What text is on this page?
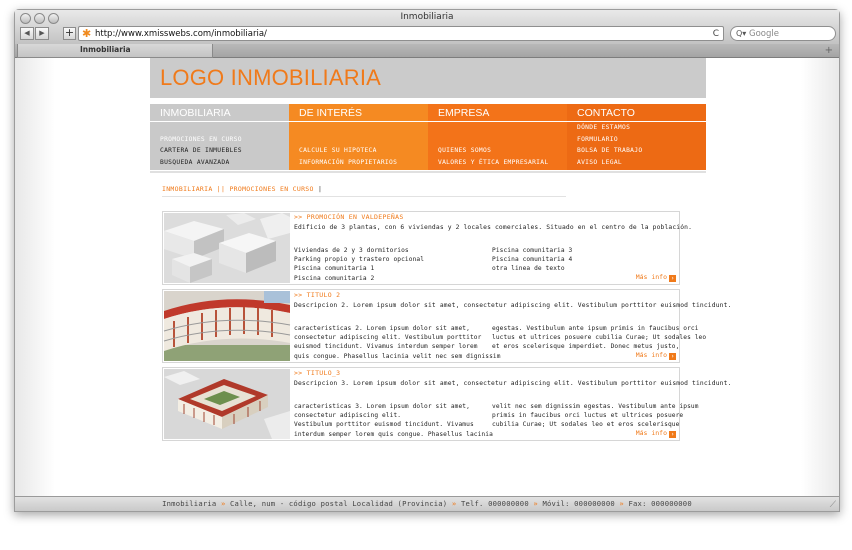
Inmobiliaria
◀	▶	+ ✱ http://www.xmisswebs.com/inmobiliaria/	C Q▾ Google
Inmobiliaria	+
LOGO INMOBILIARIA
INMOBILIARIA
PROMOCIONES EN CURSO
CARTERA DE INMUEBLES
BUSQUEDA AVANZADA
DE INTERÉS
CALCULE SU HIPOTECA
INFORMACIÓN PROPIETARIOS
EMPRESA
QUIENES SOMOS
VALORES Y ÉTICA EMPRESARIAL
CONTACTO
DÓNDE ESTAMOS
FORMULARIO
BOLSA DE TRABAJO
AVISO LEGAL
INMOBILIARIA || PROMOCIONES EN CURSO |
>> PROMOCIÓN EN VALDEPEÑAS
Edificio de 3 plantas, con 6 viviendas y 2 locales comerciales. Situado en el centro de la población.
Viviendas de 2 y 3 dormitorios
Parking propio y trastero opcional
Piscina comunitaria 1
Piscina comunitaria 2
Piscina comunitaria 3
Piscina comunitaria 4
otra linea de texto
Más info ›
>> TITULO 2
Descripcion 2. Lorem ipsum dolor sit amet, consectetur adipiscing elit. Vestibulum porttitor euismod tincidunt.
caracteristicas 2. Lorem ipsum dolor sit amet,
consectetur adipiscing elit. Vestibulum porttitor
euismod tincidunt. Vivamus interdum semper lorem
quis congue. Phasellus lacinia velit nec sem dignissim
egestas. Vestibulum ante ipsum primis in faucibus orci
luctus et ultrices posuere cubilia Curae; Ut sodales leo
et eros scelerisque imperdiet. Donec metus justo,
Más info ›
>> TITULO_3
Descripcion 3. Lorem ipsum dolor sit amet, consectetur adipiscing elit. Vestibulum porttitor euismod tincidunt.
caracteristicas 3. Lorem ipsum dolor sit amet,
consectetur adipiscing elit.
Vestibulum porttitor euismod tincidunt. Vivamus
interdum semper lorem quis congue. Phasellus lacinia
velit nec sem dignissim egestas. Vestibulum ante ipsum
primis in faucibus orci luctus et ultrices posuere
cubilia Curae; Ut sodales leo et eros scelerisque
Más info ›
Inmobiliaria » Calle, num - código postal Localidad (Provincia) » Telf. 000000000 » Móvil: 000000000 » Fax: 000000000	⟋
